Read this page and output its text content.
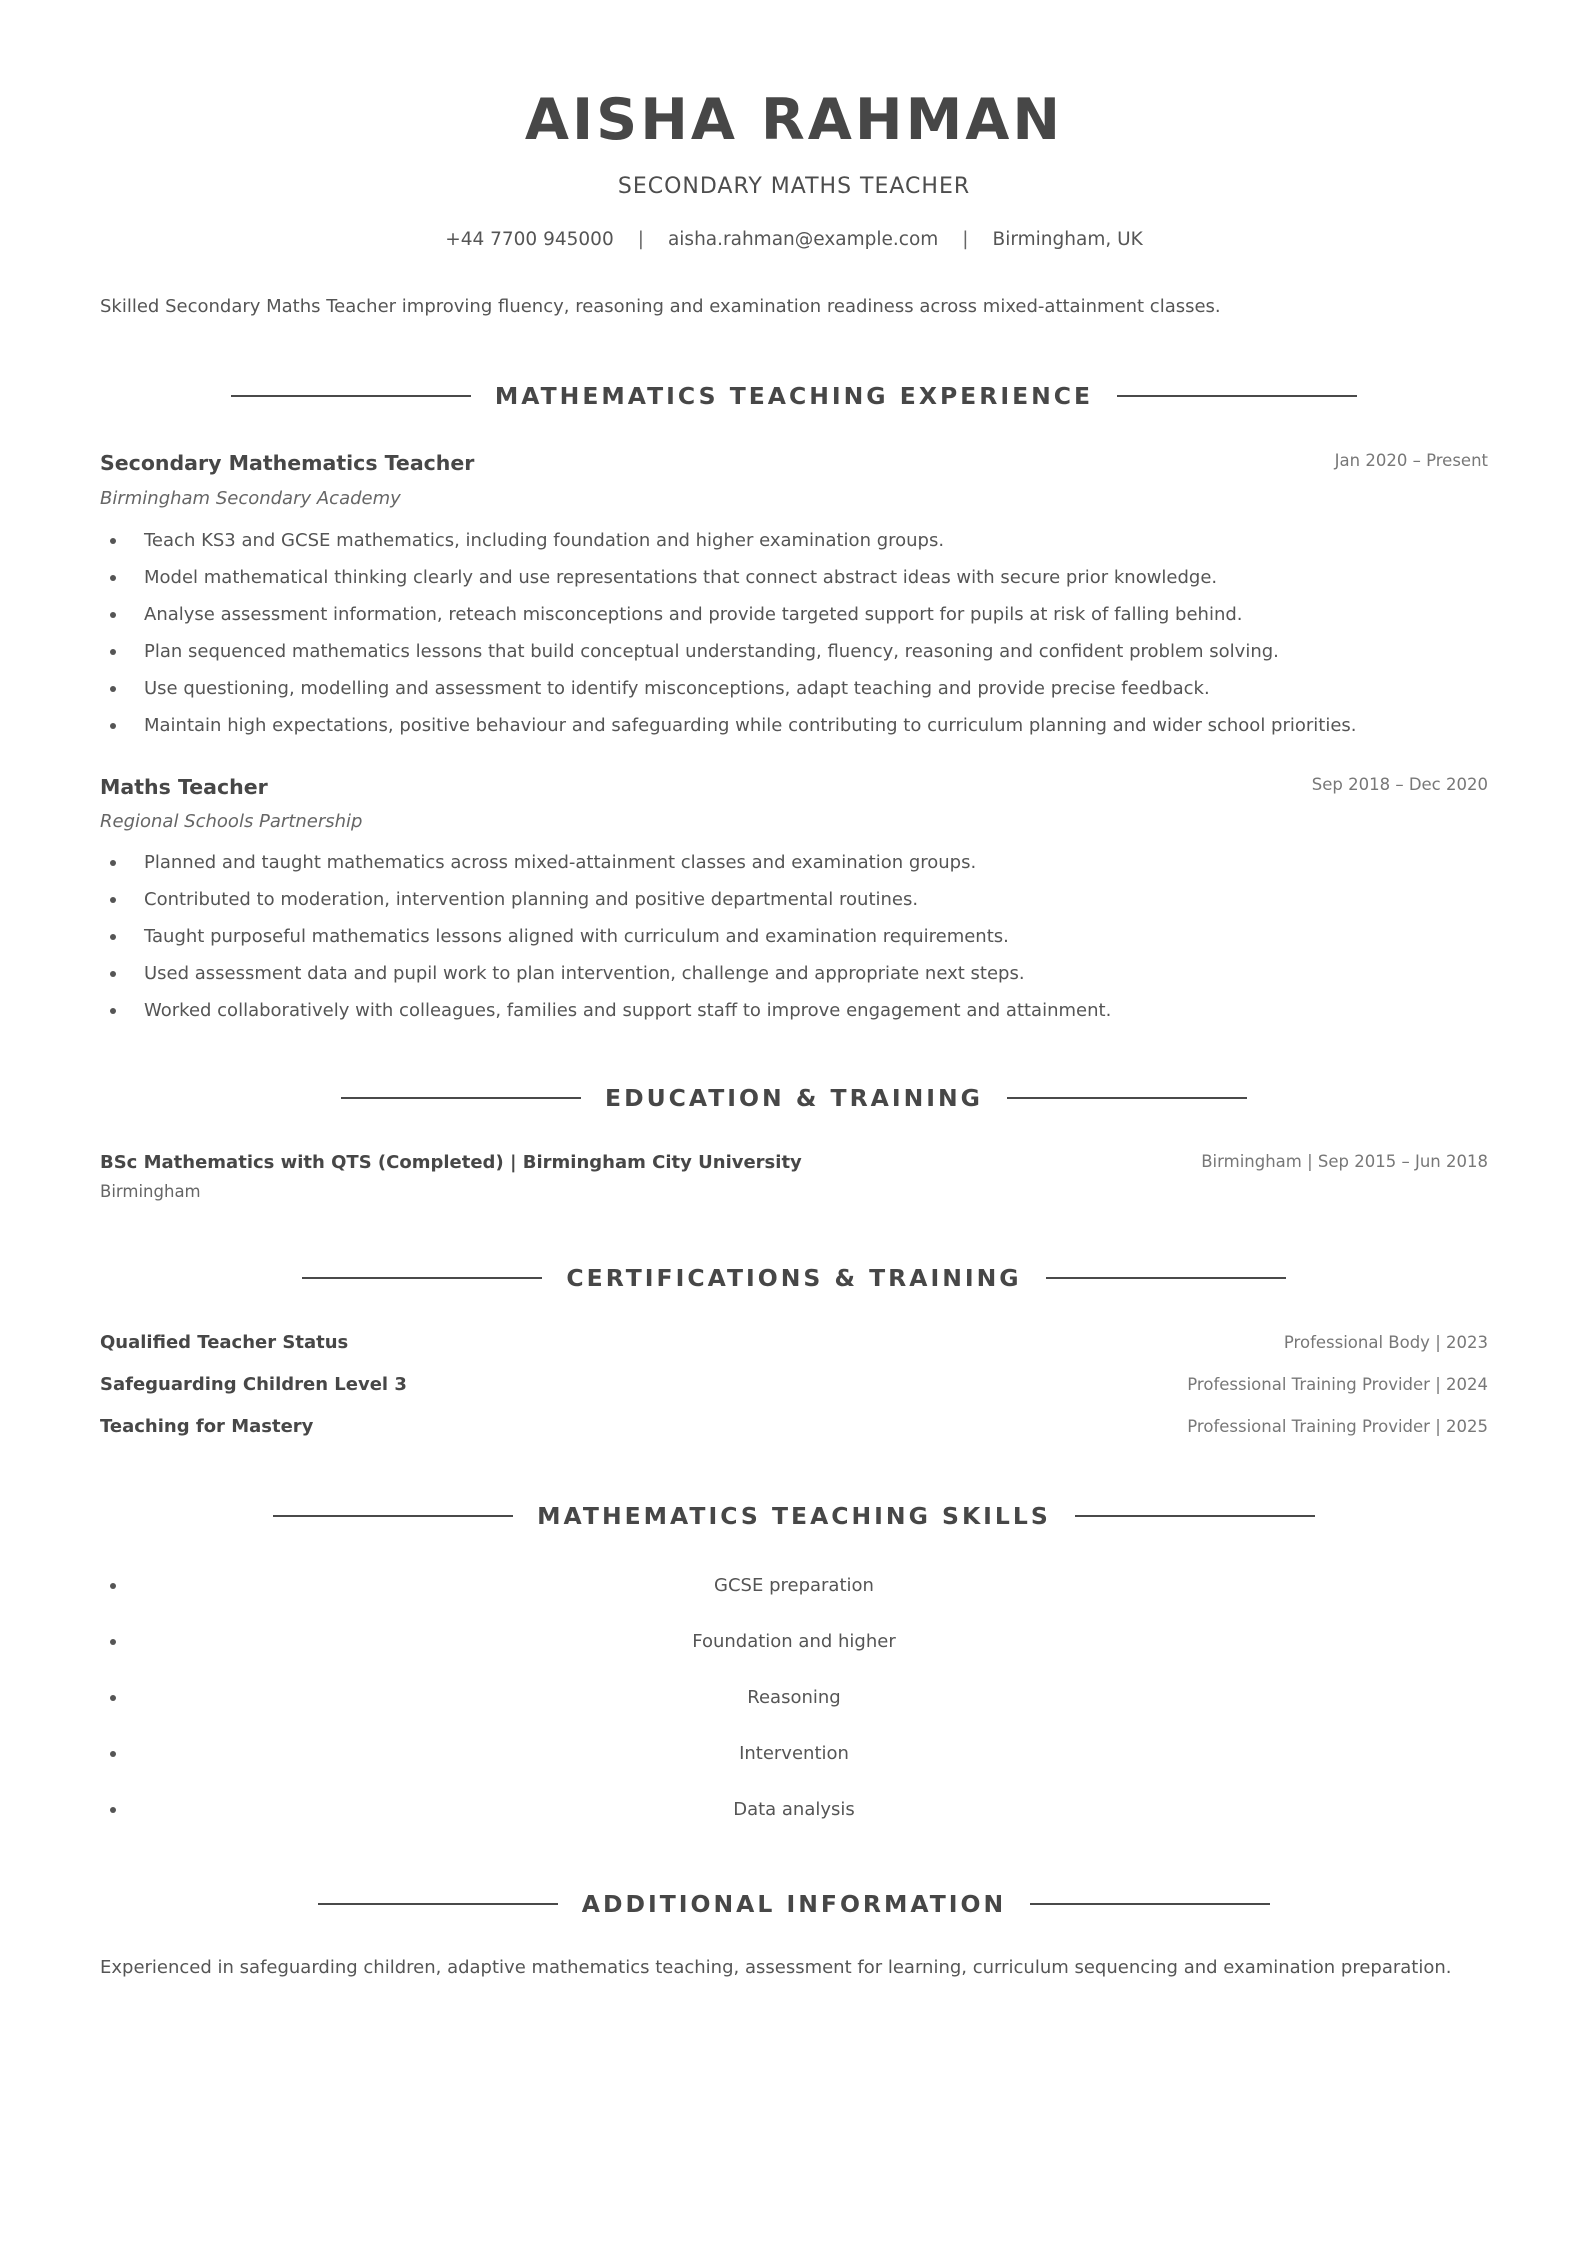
AISHA RAHMAN
SECONDARY MATHS TEACHER
+44 7700 945000 | aisha.rahman@example.com | Birmingham, UK
Skilled Secondary Maths Teacher improving fluency, reasoning and examination readiness across mixed-attainment classes.
MATHEMATICS TEACHING EXPERIENCE
Secondary Mathematics Teacher	Jan 2020 – Present
Birmingham Secondary Academy
Teach KS3 and GCSE mathematics, including foundation and higher examination groups.
Model mathematical thinking clearly and use representations that connect abstract ideas with secure prior knowledge.
Analyse assessment information, reteach misconceptions and provide targeted support for pupils at risk of falling behind.
Plan sequenced mathematics lessons that build conceptual understanding, fluency, reasoning and confident problem solving.
Use questioning, modelling and assessment to identify misconceptions, adapt teaching and provide precise feedback.
Maintain high expectations, positive behaviour and safeguarding while contributing to curriculum planning and wider school priorities.
Maths Teacher	Sep 2018 – Dec 2020
Regional Schools Partnership
Planned and taught mathematics across mixed-attainment classes and examination groups.
Contributed to moderation, intervention planning and positive departmental routines.
Taught purposeful mathematics lessons aligned with curriculum and examination requirements.
Used assessment data and pupil work to plan intervention, challenge and appropriate next steps.
Worked collaboratively with colleagues, families and support staff to improve engagement and attainment.
EDUCATION & TRAINING
BSc Mathematics with QTS (Completed) | Birmingham City University	Birmingham | Sep 2015 – Jun 2018
Birmingham
CERTIFICATIONS & TRAINING
Qualified Teacher Status	Professional Body | 2023
Safeguarding Children Level 3	Professional Training Provider | 2024
Teaching for Mastery	Professional Training Provider | 2025
MATHEMATICS TEACHING SKILLS
GCSE preparation
Foundation and higher
Reasoning
Intervention
Data analysis
ADDITIONAL INFORMATION
Experienced in safeguarding children, adaptive mathematics teaching, assessment for learning, curriculum sequencing and examination preparation.
